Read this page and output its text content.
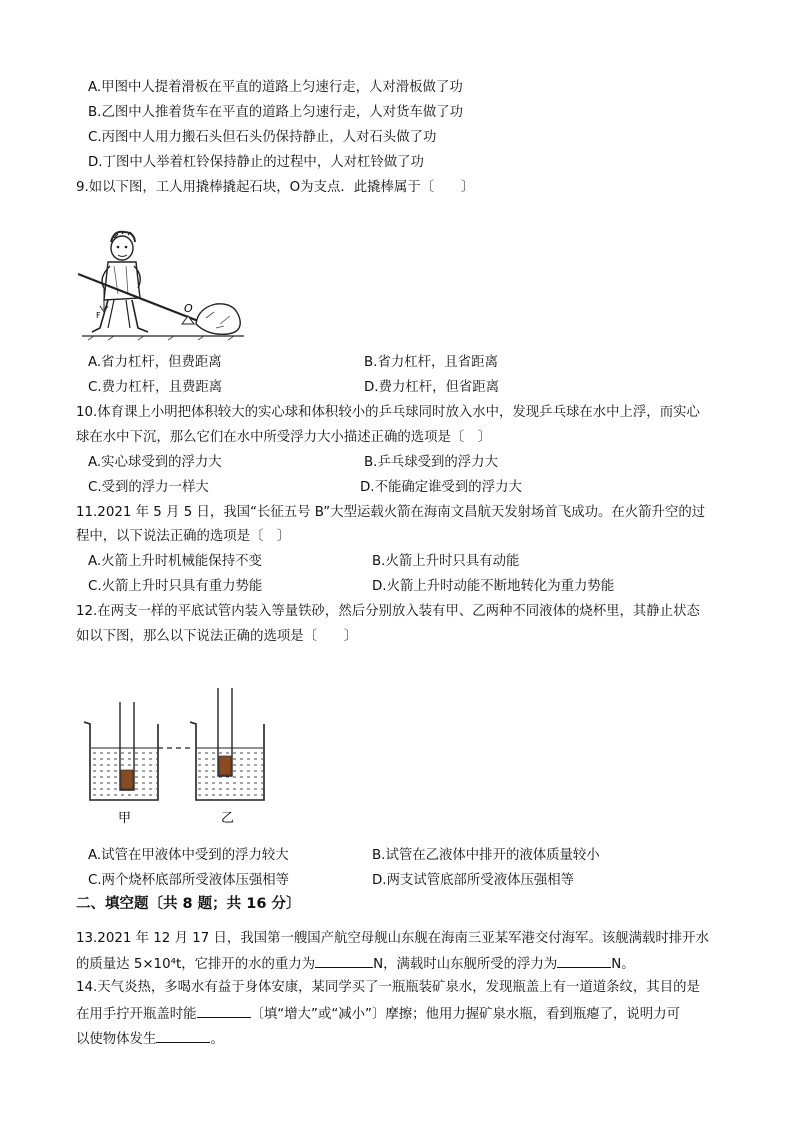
A.甲图中人提着滑板在平直的道路上匀速行走，人对滑板做了功
B.乙图中人推着货车在平直的道路上匀速行走，人对货车做了功
C.丙图中人用力搬石头但石头仍保持静止，人对石头做了功
D.丁图中人举着杠铃保持静止的过程中，人对杠铃做了功
9.如以下图，工人用撬棒撬起石块，O为支点．此撬棒属于〔　　〕
F
O
A.省力杠杆，但费距离	B.省力杠杆，且省距离
C.费力杠杆，且费距离	D.费力杠杆，但省距离
10.体育课上小明把体积较大的实心球和体积较小的乒乓球同时放入水中，发现乒乓球在水中上浮，而实心
球在水中下沉，那么它们在水中所受浮力大小描述正确的选项是〔　〕
A.实心球受到的浮力大	B.乒乓球受到的浮力大
C.受到的浮力一样大	D.不能确定谁受到的浮力大
11.2021 年 5 月 5 日，我国“长征五号 B”大型运载火箭在海南文昌航天发射场首飞成功。在火箭升空的过
程中，以下说法正确的选项是〔　〕
A.火箭上升时机械能保持不变	B.火箭上升时只具有动能
C.火箭上升时只具有重力势能	D.火箭上升时动能不断地转化为重力势能
12.在两支一样的平底试管内装入等量铁砂，然后分别放入装有甲、乙两种不同液体的烧杯里，其静止状态
如以下图，那么以下说法正确的选项是〔　　〕
甲	乙
A.试管在甲液体中受到的浮力较大	B.试管在乙液体中排开的液体质量较小
C.两个烧杯底部所受液体压强相等	D.两支试管底部所受液体压强相等
二、填空题〔共 8 题；共 16 分〕
13.2021 年 12 月 17 日，我国第一艘国产航空母舰山东舰在海南三亚某军港交付海军。该舰满载时排开水
的质量达 5×10⁴t，它排开的水的重力为	N，满载时山东舰所受的浮力为	N。
14.天气炎热，多喝水有益于身体安康，某同学买了一瓶瓶装矿泉水，发现瓶盖上有一道道条纹，其目的是
在用手拧开瓶盖时能	〔填“增大”或“减小”〕摩擦；他用力握矿泉水瓶，看到瓶瘪了，说明力可
以使物体发生	。
